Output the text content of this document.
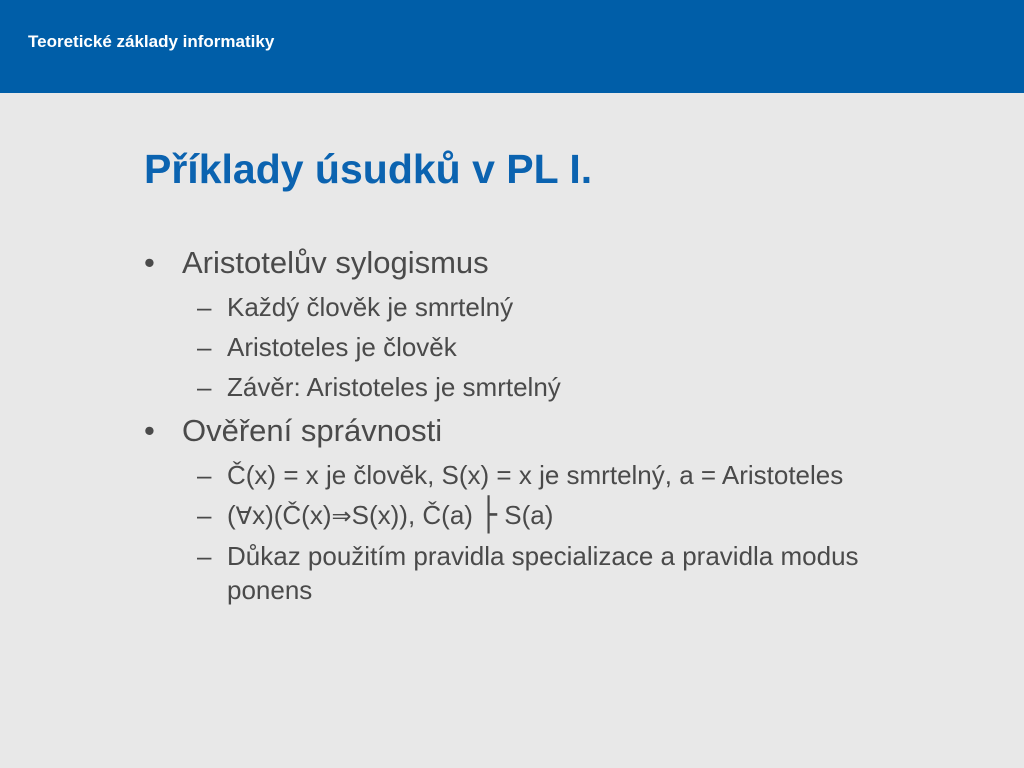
Teoretické základy informatiky
Příklady úsudků v PL I.
• Aristotelův sylogismus
– Každý člověk je smrtelný
– Aristoteles je člověk
– Závěr: Aristoteles je smrtelný
• Ověření správnosti
– Č(x) = x je člověk, S(x) = x je smrtelný, a = Aristoteles
– (∀x)(Č(x)⇒S(x)), Č(a) ├ S(a)
– Důkaz použitím pravidla specializace a pravidla modus ponens
